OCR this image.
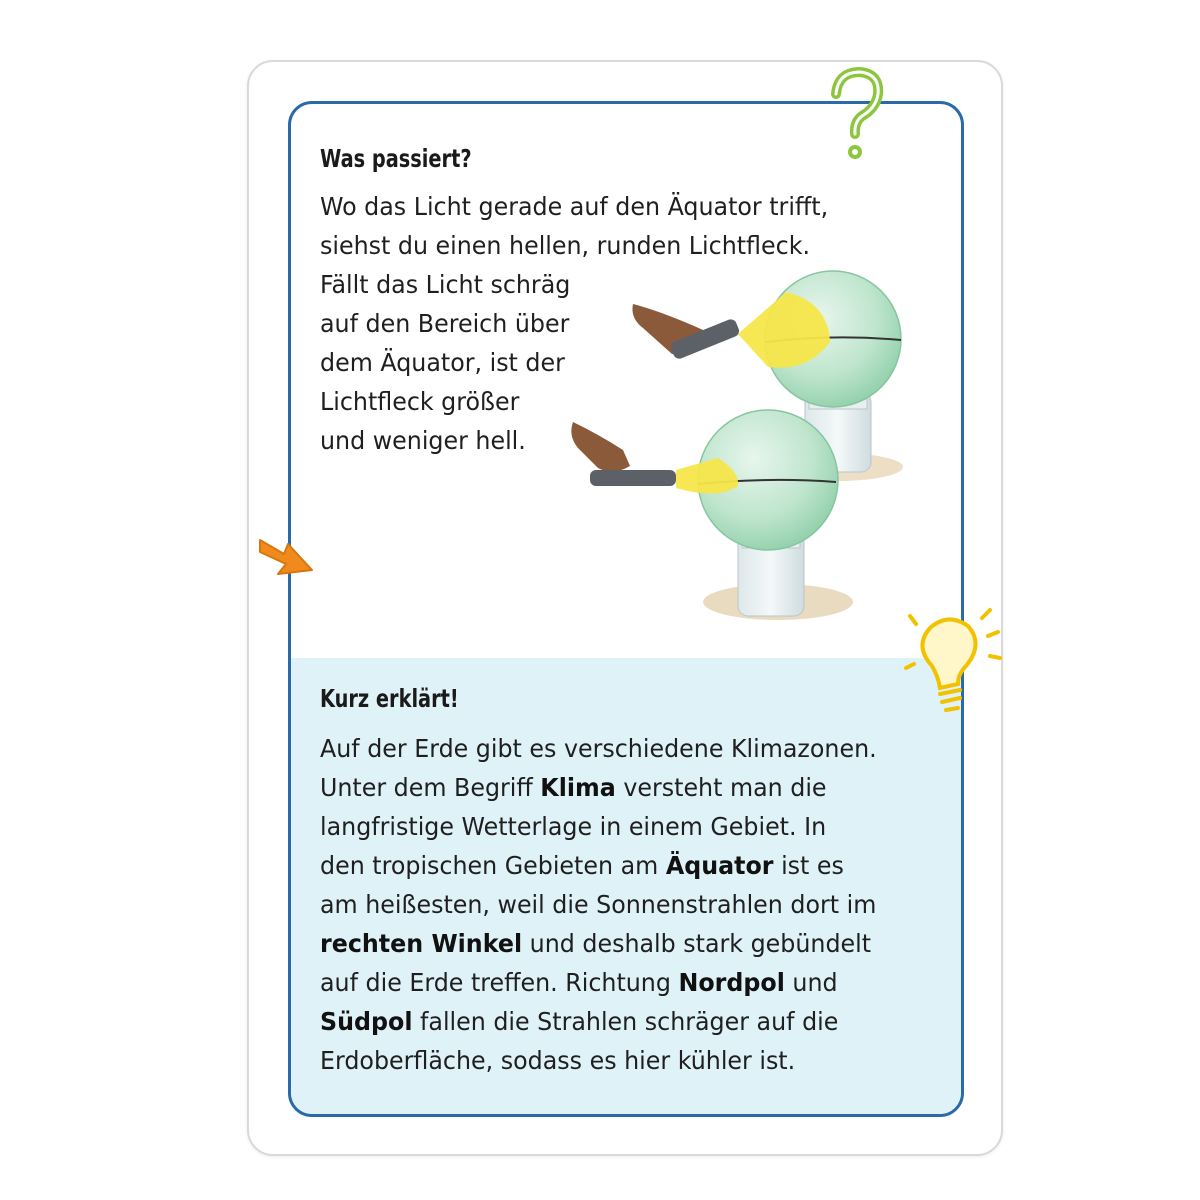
Was passiert?

Wo das Licht gerade auf den Äquator trifft,
siehst du einen hellen, runden Lichtfleck.

Fällt das Licht schräg
auf den Bereich über
dem Äquator, ist der
Lichtfleck größer
und weniger hell.

Kurz erklärt!

Auf der Erde gibt es verschiedene Klimazonen.
Unter dem Begriff Klima versteht man die
langfristige Wetterlage in einem Gebiet. In
den tropischen Gebieten am Äquator ist es
am heißesten, weil die Sonnenstrahlen dort im
rechten Winkel und deshalb stark gebündelt
auf die Erde treffen. Richtung Nordpol und
Südpol fallen die Strahlen schräger auf die
Erdoberfläche, sodass es hier kühler ist.
